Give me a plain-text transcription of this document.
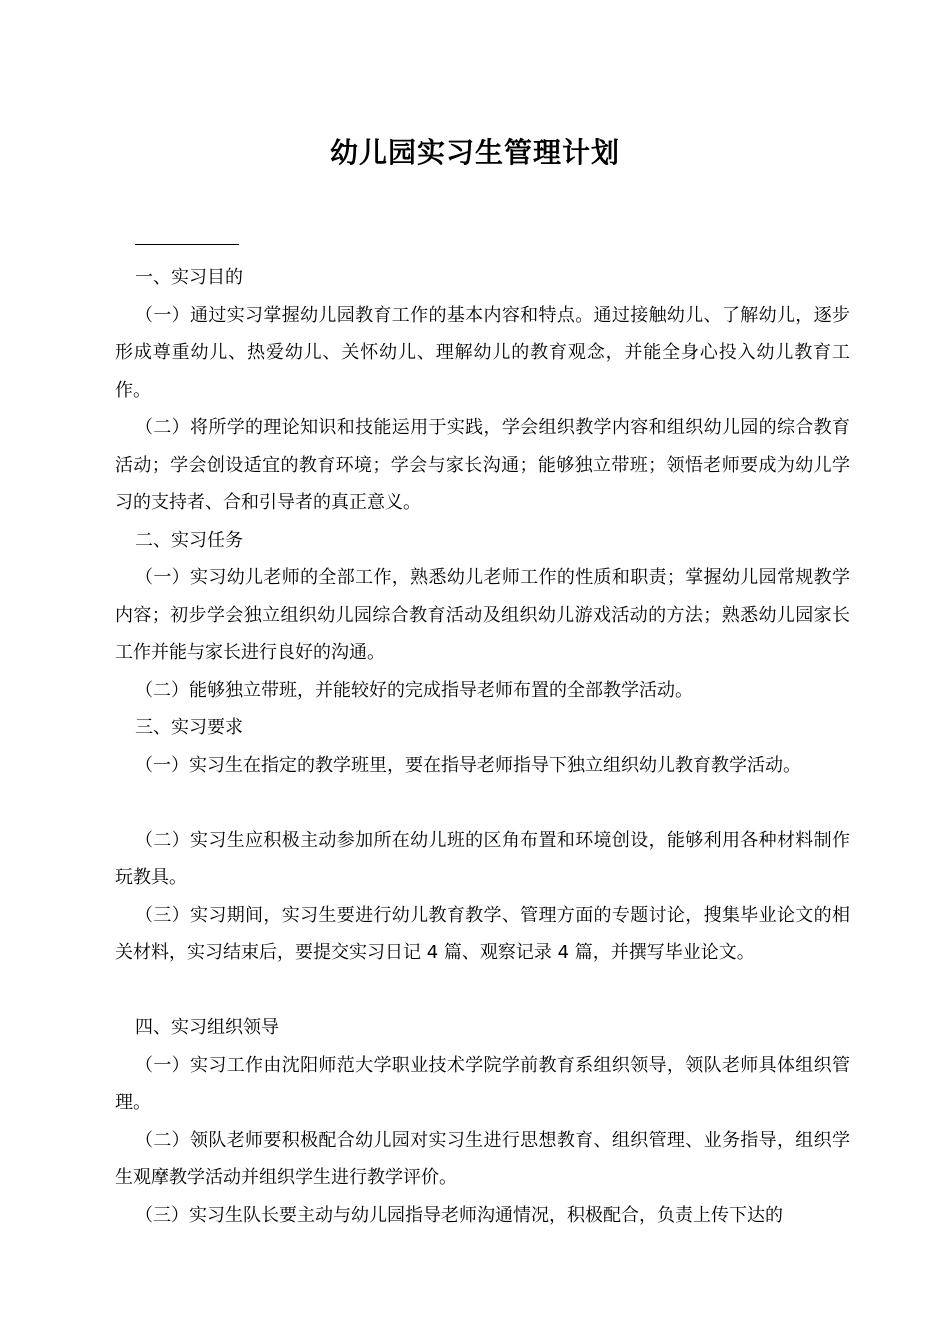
幼儿园实习生管理计划

一、实习目的

（一）通过实习掌握幼儿园教育工作的基本内容和特点。通过接触幼儿、了解幼儿，逐步形成尊重幼儿、热爱幼儿、关怀幼儿、理解幼儿的教育观念，并能全身心投入幼儿教育工作。

（二）将所学的理论知识和技能运用于实践，学会组织教学内容和组织幼儿园的综合教育活动；学会创设适宜的教育环境；学会与家长沟通；能够独立带班；领悟老师要成为幼儿学习的支持者、合和引导者的真正意义。

二、实习任务

（一）实习幼儿老师的全部工作，熟悉幼儿老师工作的性质和职责；掌握幼儿园常规教学内容；初步学会独立组织幼儿园综合教育活动及组织幼儿游戏活动的方法；熟悉幼儿园家长工作并能与家长进行良好的沟通。

（二）能够独立带班，并能较好的完成指导老师布置的全部教学活动。

三、实习要求

（一）实习生在指定的教学班里，要在指导老师指导下独立组织幼儿教育教学活动。

（二）实习生应积极主动参加所在幼儿班的区角布置和环境创设，能够利用各种材料制作玩教具。

（三）实习期间，实习生要进行幼儿教育教学、管理方面的专题讨论，搜集毕业论文的相关材料，实习结束后，要提交实习日记 4 篇、观察记录 4 篇，并撰写毕业论文。

四、实习组织领导

（一）实习工作由沈阳师范大学职业技术学院学前教育系组织领导，领队老师具体组织管理。

（二）领队老师要积极配合幼儿园对实习生进行思想教育、组织管理、业务指导，组织学生观摩教学活动并组织学生进行教学评价。

（三）实习生队长要主动与幼儿园指导老师沟通情况，积极配合，负责上传下达的
